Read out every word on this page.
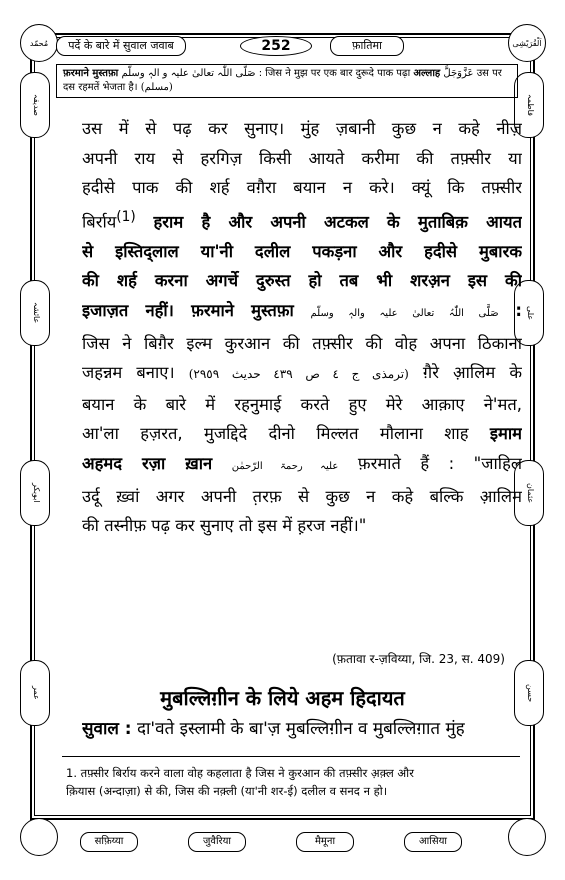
مُحمّد	اَلْقُرَیْشِی
पर्दे के बारे में सुवाल जवाब	252	फ़ातिमा
صدیقہ
عائشہ
ابوبکر
عمر
فاطمہ
علی
عثمان
حسن
फ़रमाने मुस्तफ़ा صَلَّی اللّٰہ تعالیٰ علیہ و الہٖ وسلّم : जिस ने मुझ पर एक बार दुरूदे पाक पढ़ा अल्लाह عَزَّوَجَلَّ उस पर दस रहमतें भेजता है। (مسلم)
उस में से पढ़ कर सुनाए। मुंह ज़बानी कुछ न कहे नीज़
अपनी राय से हरगिज़ किसी आयते करीमा की तफ़्सीर या
हदीसे पाक की शर्ह वग़ैरा बयान न करे। क्यूं कि तफ़्सीर
बिर्राय$^{(1)}$ हराम है और अपनी अटकल के मुताबिक़ आयत
से इस्तिद्लाल या'नी दलील पकड़ना और हदीसे मुबारक
की शर्ह करना अगर्चे दुरुस्त हो तब भी शरअ़न इस की
इजाज़त नहीं। फ़रमाने मुस्तफ़ा صَلَّی اللّٰہُ تعالیٰ علیہ والہٖ وسلّم :
जिस ने बिग़ैर इल्म कुरआन की तफ़्सीर की वोह अपना ठिकाना
जहन्नम बनाए। (ترمذی ج ٤ ص ٤٣٩ حدیث ٢٩٥٩) ग़ैरे आ़लिम के
बयान के बारे में रहनुमाई करते हुए मेरे आक़ाए ने'मत,
आ'ला हज़रत, मुजद्दिदे दीनो मिल्लत मौलाना शाह इमाम
अहमद रज़ा ख़ान علیہ رحمۃ الرّحمٰن फ़रमाते हैं : "जाहिल
उर्दू ख़्वां अगर अपनी त़रफ़ से कुछ न कहे बल्कि आ़लिम
की तस्नीफ़ पढ़ कर सुनाए तो इस में ह़रज नहीं।"
(फ़तावा र-ज़विय्या, जि. 23, स. 409)
मुबल्लिग़ीन के लिये अहम हिदायत
सुवाल : दा'वते इस्लामी के बा'ज़ मुबल्लिग़ीन व मुबल्लिग़ात मुंह
1. तफ़्सीर बिर्राय करने वाला वोह कहलाता है जिस ने कुरआन की तफ़्सीर अ़क़्ल और
क़ियास (अन्दाज़ा) से की, जिस की नक़्ली (या'नी शर-ई) दलील व सनद न हो।
सफ़िय्या	जुवैरिया	मैमूना	आसिया
